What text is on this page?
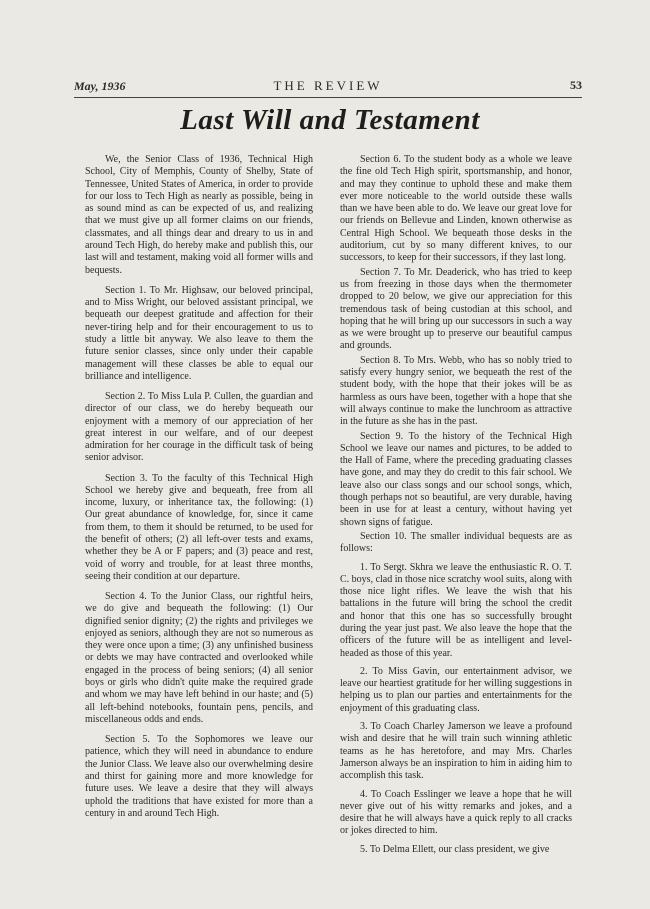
May, 1936	THE REVIEW	53
Last Will and Testament

We, the Senior Class of 1936, Technical High School, City of Memphis, County of Shelby, State of Tennessee, United States of America, in order to provide for our loss to Tech High as nearly as possible, being in as sound mind as can be expected of us, and realizing that we must give up all former claims on our friends, classmates, and all things dear and dreary to us in and around Tech High, do hereby make and publish this, our last will and testament, making void all former wills and bequests.

Section 1. To Mr. Highsaw, our beloved principal, and to Miss Wright, our beloved assistant principal, we bequeath our deepest gratitude and affection for their never-tiring help and for their encouragement to us to study a little bit anyway. We also leave to them the future senior classes, since only under their capable management will these classes be able to equal our brilliance and intelligence.

Section 2. To Miss Lula P. Cullen, the guardian and director of our class, we do hereby bequeath our enjoyment with a memory of our appreciation of her great interest in our welfare, and of our deepest admiration for her courage in the difficult task of being senior advisor.

Section 3. To the faculty of this Technical High School we hereby give and bequeath, free from all income, luxury, or inheritance tax, the following: (1) Our great abundance of knowledge, for, since it came from them, to them it should be returned, to be used for the benefit of others; (2) all left-over tests and exams, whether they be A or F papers; and (3) peace and rest, void of worry and trouble, for at least three months, seeing their condition at our departure.

Section 4. To the Junior Class, our rightful heirs, we do give and bequeath the following: (1) Our dignified senior dignity; (2) the rights and privileges we enjoyed as seniors, although they are not so numerous as they were once upon a time; (3) any unfinished business or debts we may have contracted and overlooked while engaged in the process of being seniors; (4) all senior boys or girls who didn't quite make the required grade and whom we may have left behind in our haste; and (5) all left-behind notebooks, fountain pens, pencils, and miscellaneous odds and ends.

Section 5. To the Sophomores we leave our patience, which they will need in abundance to endure the Junior Class. We leave also our overwhelming desire and thirst for gaining more and more knowledge for future uses. We leave a desire that they will always uphold the traditions that have existed for more than a century in and around Tech High.

Section 6. To the student body as a whole we leave the fine old Tech High spirit, sportsmanship, and honor, and may they continue to uphold these and make them ever more noticeable to the world outside these walls than we have been able to do. We leave our great love for our friends on Bellevue and Linden, known otherwise as Central High School. We bequeath those desks in the auditorium, cut by so many different knives, to our successors, to keep for their successors, if they last long.

Section 7. To Mr. Deaderick, who has tried to keep us from freezing in those days when the thermometer dropped to 20 below, we give our appreciation for this tremendous task of being custodian at this school, and hoping that he will bring up our successors in such a way as we were brought up to preserve our beautiful campus and grounds.

Section 8. To Mrs. Webb, who has so nobly tried to satisfy every hungry senior, we bequeath the rest of the student body, with the hope that their jokes will be as harmless as ours have been, together with a hope that she will always continue to make the lunchroom as attractive in the future as she has in the past.

Section 9. To the history of the Technical High School we leave our names and pictures, to be added to the Hall of Fame, where the preceding graduating classes have gone, and may they do credit to this fair school. We leave also our class songs and our school songs, which, though perhaps not so beautiful, are very durable, having been in use for at least a century, without having yet shown signs of fatigue.

Section 10. The smaller individual bequests are as follows:

1. To Sergt. Skhra we leave the enthusiastic R. O. T. C. boys, clad in those nice scratchy wool suits, along with those nice light rifles. We leave the wish that his battalions in the future will bring the school the credit and honor that this one has so successfully brought during the year just past. We also leave the hope that the officers of the future will be as intelligent and level-headed as those of this year.

2. To Miss Gavin, our entertainment advisor, we leave our heartiest gratitude for her willing suggestions in helping us to plan our parties and entertainments for the enjoyment of this graduating class.

3. To Coach Charley Jamerson we leave a profound wish and desire that he will train such winning athletic teams as he has heretofore, and may Mrs. Charles Jamerson always be an inspiration to him in aiding him to accomplish this task.

4. To Coach Esslinger we leave a hope that he will never give out of his witty remarks and jokes, and a desire that he will always have a quick reply to all cracks or jokes directed to him.

5. To Delma Ellett, our class president, we give
